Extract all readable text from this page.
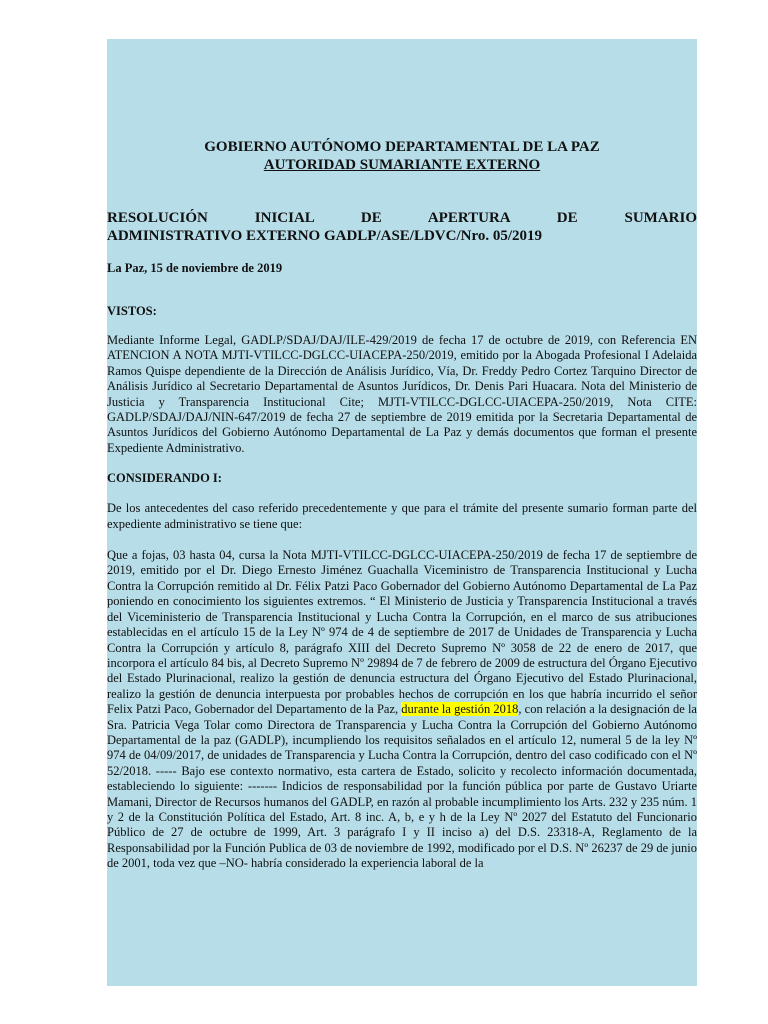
GOBIERNO AUTÓNOMO DEPARTAMENTAL DE LA PAZ

AUTORIDAD SUMARIANTE EXTERNO

RESOLUCIÓN INICIAL DE APERTURA DE SUMARIO
ADMINISTRATIVO EXTERNO GADLP/ASE/LDVC/Nro. 05/2019

La Paz, 15 de noviembre de 2019

VISTOS:

Mediante Informe Legal, GADLP/SDAJ/DAJ/ILE-429/2019 de fecha 17 de octubre de 2019, con Referencia EN ATENCION A NOTA MJTI-VTILCC-DGLCC-UIACEPA-250/2019, emitido por la Abogada Profesional I Adelaida Ramos Quispe dependiente de la Dirección de Análisis Jurídico, Vía, Dr. Freddy Pedro Cortez Tarquino Director de Análisis Jurídico al Secretario Departamental de Asuntos Jurídicos, Dr. Denis Pari Huacara. Nota del Ministerio de Justicia y Transparencia Institucional Cite; MJTI-VTILCC-DGLCC-UIACEPA-250/2019, Nota CITE: GADLP/SDAJ/DAJ/NIN-647/2019 de fecha 27 de septiembre de 2019 emitida por la Secretaria Departamental de Asuntos Jurídicos del Gobierno Autónomo Departamental de La Paz y demás documentos que forman el presente Expediente Administrativo.

CONSIDERANDO I:

De los antecedentes del caso referido precedentemente y que para el trámite del presente sumario forman parte del expediente administrativo se tiene que:

Que a fojas, 03 hasta 04, cursa la Nota MJTI-VTILCC-DGLCC-UIACEPA-250/2019 de fecha 17 de septiembre de 2019, emitido por el Dr. Diego Ernesto Jiménez Guachalla Viceministro de Transparencia Institucional y Lucha Contra la Corrupción remitido al Dr. Félix Patzi Paco Gobernador del Gobierno Autónomo Departamental de La Paz poniendo en conocimiento los siguientes extremos. “ El Ministerio de Justicia y Transparencia Institucional a través del Viceministerio de Transparencia Institucional y Lucha Contra la Corrupción, en el marco de sus atribuciones establecidas en el artículo 15 de la Ley Nº 974 de 4 de septiembre de 2017 de Unidades de Transparencia y Lucha Contra la Corrupción y artículo 8, parágrafo XIII del Decreto Supremo Nº 3058 de 22 de enero de 2017, que incorpora el artículo 84 bis, al Decreto Supremo Nº 29894 de 7 de febrero de 2009 de estructura del Órgano Ejecutivo del Estado Plurinacional, realizo la gestión de denuncia estructura del Órgano Ejecutivo del Estado Plurinacional, realizo la gestión de denuncia interpuesta por probables hechos de corrupción en los que habría incurrido el señor Felix Patzi Paco, Gobernador del Departamento de la Paz, durante la gestión 2018, con relación a la designación de la Sra. Patricia Vega Tolar como Directora de Transparencia y Lucha Contra la Corrupción del Gobierno Autónomo Departamental de la paz (GADLP), incumpliendo los requisitos señalados en el artículo 12, numeral 5 de la ley Nº 974 de 04/09/2017, de unidades de Transparencia y Lucha Contra la Corrupción, dentro del caso codificado con el Nº 52/2018. ----- Bajo ese contexto normativo, esta cartera de Estado, solicito y recolecto información documentada, estableciendo lo siguiente: ------- Indicios de responsabilidad por la función pública por parte de Gustavo Uriarte Mamani, Director de Recursos humanos del GADLP, en razón al probable incumplimiento los Arts. 232 y 235 núm. 1 y 2 de la Constitución Política del Estado, Art. 8 inc. A, b, e y h de la Ley Nº 2027 del Estatuto del Funcionario Público de 27 de octubre de 1999, Art. 3 parágrafo I y II inciso a) del D.S. 23318-A, Reglamento de la Responsabilidad por la Función Publica de 03 de noviembre de 1992, modificado por el D.S. Nº 26237 de 29 de junio de 2001, toda vez que –NO- habría considerado la experiencia laboral de la
